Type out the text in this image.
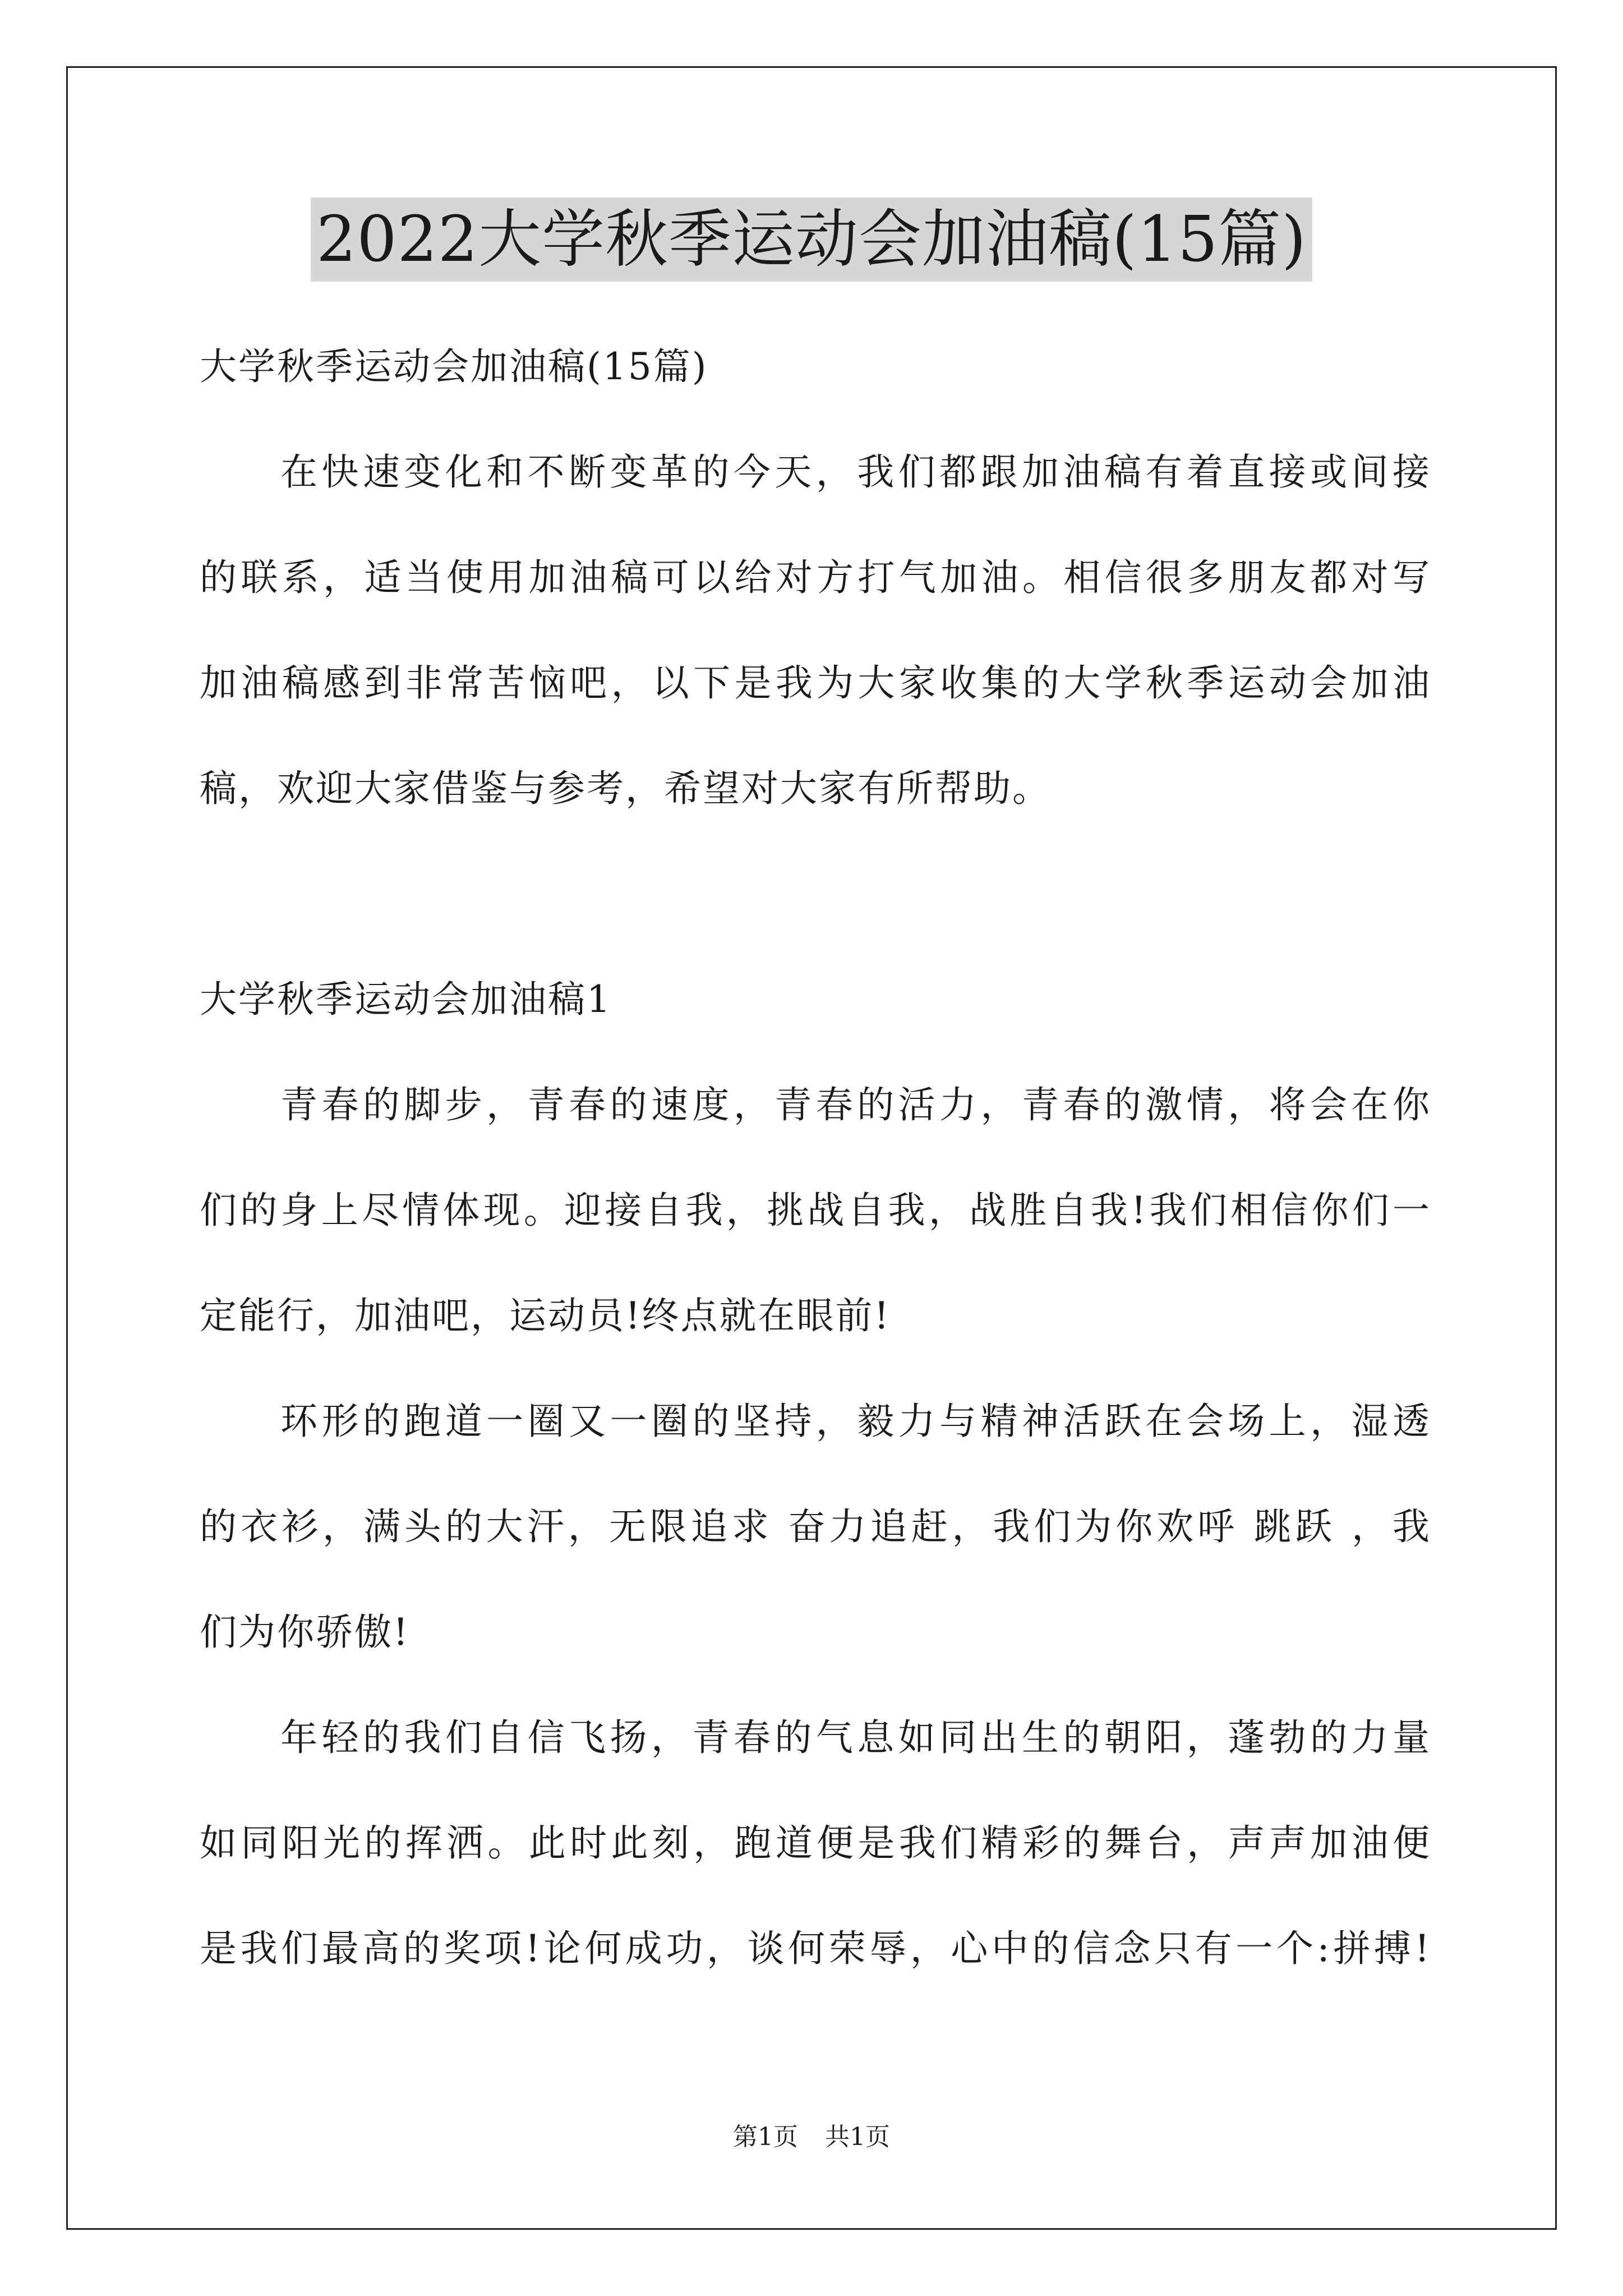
2022大学秋季运动会加油稿(15篇)
大学秋季运动会加油稿(15篇)
在快速变化和不断变革的今天，我们都跟加油稿有着直接或间接
的联系，适当使用加油稿可以给对方打气加油。相信很多朋友都对写
加油稿感到非常苦恼吧，以下是我为大家收集的大学秋季运动会加油
稿，欢迎大家借鉴与参考，希望对大家有所帮助。
大学秋季运动会加油稿1
青春的脚步，青春的速度，青春的活力，青春的激情，将会在你
们的身上尽情体现。迎接自我，挑战自我，战胜自我!我们相信你们一
定能行，加油吧，运动员!终点就在眼前!
环形的跑道一圈又一圈的坚持，毅力与精神活跃在会场上，湿透
的衣衫，满头的大汗，无限追求 奋力追赶，我们为你欢呼 跳跃 ，我
们为你骄傲!
年轻的我们自信飞扬，青春的气息如同出生的朝阳，蓬勃的力量
如同阳光的挥洒。此时此刻，跑道便是我们精彩的舞台，声声加油便
是我们最高的奖项!论何成功，谈何荣辱，心中的信念只有一个:拼搏!
第1页 共1页
